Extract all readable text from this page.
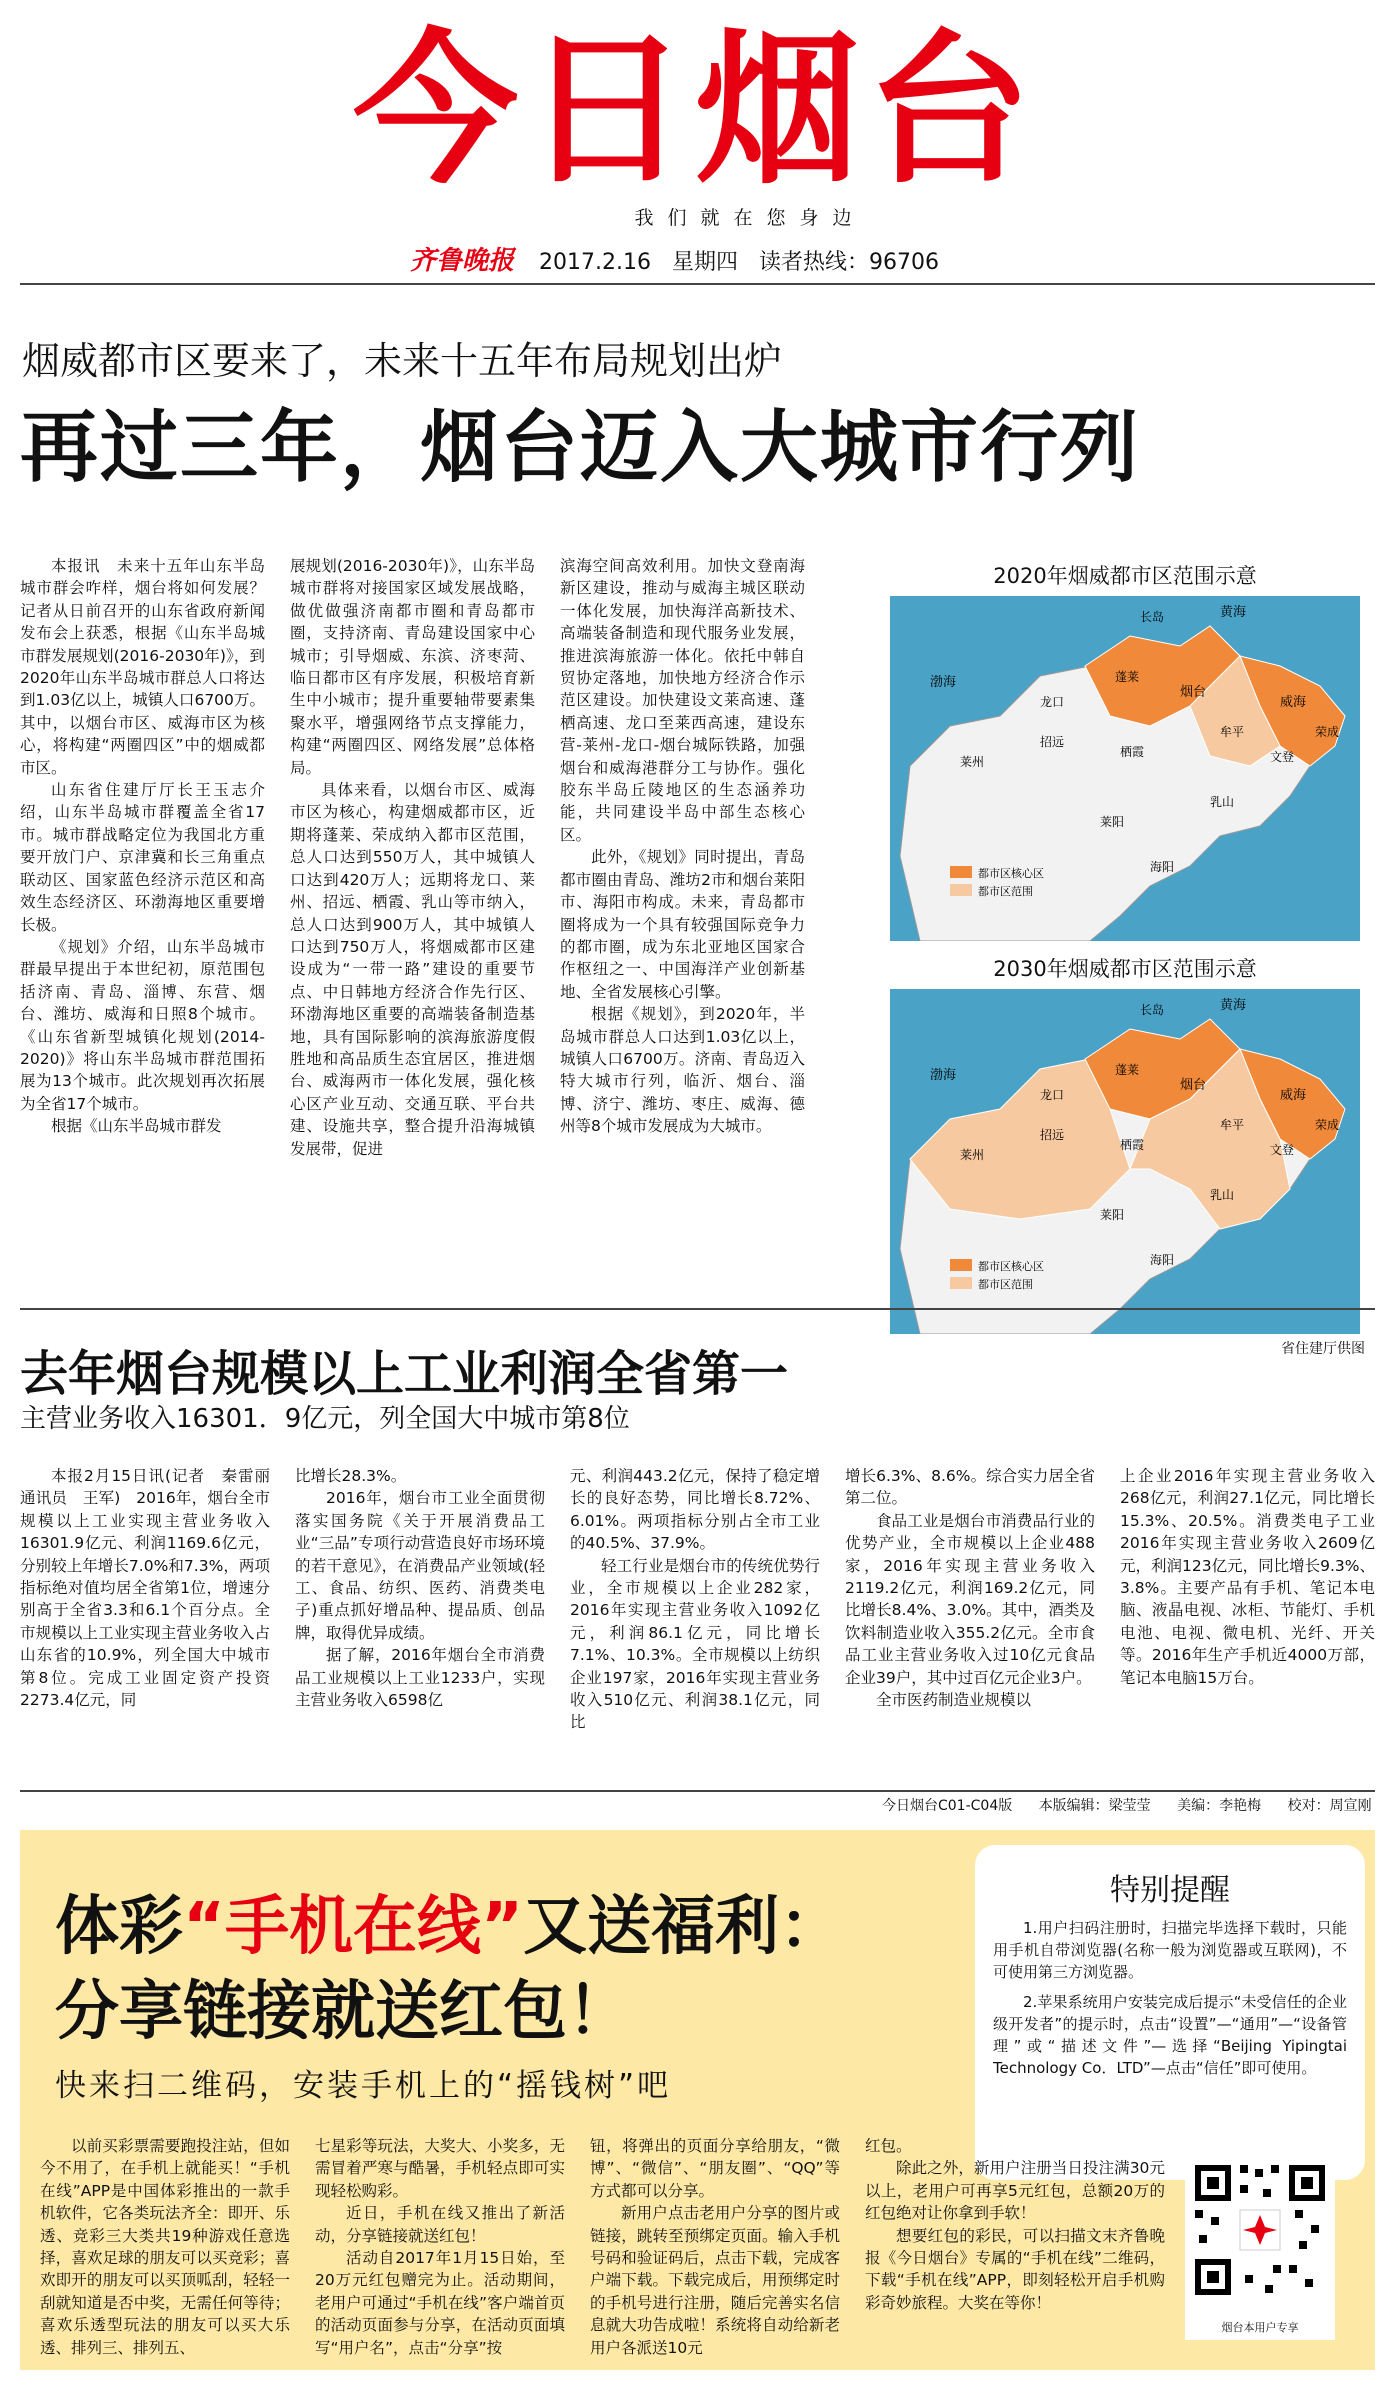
今日烟台
我们就在您身边
齐鲁晚报 2017.2.16 星期四 读者热线：96706
烟威都市区要来了，未来十五年布局规划出炉
再过三年，烟台迈入大城市行列

本报讯　未来十五年山东半岛城市群会咋样，烟台将如何发展？记者从日前召开的山东省政府新闻发布会上获悉，根据《山东半岛城市群发展规划(2016-2030年)》，到2020年山东半岛城市群总人口将达到1.03亿以上，城镇人口6700万。其中，以烟台市区、威海市区为核心，将构建“两圈四区”中的烟威都市区。

山东省住建厅厅长王玉志介绍，山东半岛城市群覆盖全省17市。城市群战略定位为我国北方重要开放门户、京津冀和长三角重点联动区、国家蓝色经济示范区和高效生态经济区、环渤海地区重要增长极。

《规划》介绍，山东半岛城市群最早提出于本世纪初，原范围包括济南、青岛、淄博、东营、烟台、潍坊、威海和日照8个城市。《山东省新型城镇化规划(2014-2020)》将山东半岛城市群范围拓展为13个城市。此次规划再次拓展为全省17个城市。

根据《山东半岛城市群发

展规划(2016-2030年)》，山东半岛城市群将对接国家区域发展战略，做优做强济南都市圈和青岛都市圈，支持济南、青岛建设国家中心城市；引导烟威、东滨、济枣菏、临日都市区有序发展，积极培育新生中小城市；提升重要轴带要素集聚水平，增强网络节点支撑能力，构建“两圈四区、网络发展”总体格局。

具体来看，以烟台市区、威海市区为核心，构建烟威都市区，近期将蓬莱、荣成纳入都市区范围，总人口达到550万人，其中城镇人口达到420万人；远期将龙口、莱州、招远、栖霞、乳山等市纳入，总人口达到900万人，其中城镇人口达到750万人，将烟威都市区建设成为“一带一路”建设的重要节点、中日韩地方经济合作先行区、环渤海地区重要的高端装备制造基地，具有国际影响的滨海旅游度假胜地和高品质生态宜居区，推进烟台、威海两市一体化发展，强化核心区产业互动、交通互联、平台共建、设施共享，整合提升沿海城镇发展带，促进

滨海空间高效利用。加快文登南海新区建设，推动与威海主城区联动一体化发展，加快海洋高新技术、高端装备制造和现代服务业发展，推进滨海旅游一体化。依托中韩自贸协定落地，加快地方经济合作示范区建设。加快建设文莱高速、蓬栖高速、龙口至莱西高速，建设东营-莱州-龙口-烟台城际铁路，加强烟台和威海港群分工与协作。强化胶东半岛丘陵地区的生态涵养功能，共同建设半岛中部生态核心区。

此外，《规划》同时提出，青岛都市圈由青岛、潍坊2市和烟台莱阳市、海阳市构成。未来，青岛都市圈将成为一个具有较强国际竞争力的都市圈，成为东北亚地区国家合作枢纽之一、中国海洋产业创新基地、全省发展核心引擎。

根据《规划》，到2020年，半岛城市群总人口达到1.03亿以上，城镇人口6700万。济南、青岛迈入特大城市行列，临沂、烟台、淄博、济宁、潍坊、枣庄、威海、德州等8个城市发展成为大城市。

2020年烟威都市区范围示意
都市区核心区
都市区范围
黄海
渤海
长岛
龙口
蓬莱
烟台
威海
招远
莱州
栖霞
牟平
文登
荣成
莱阳
乳山
海阳
2030年烟威都市区范围示意
都市区核心区
都市区范围
黄海
渤海
长岛
龙口
蓬莱
烟台
威海
招远
莱州
栖霞
牟平
文登
荣成
莱阳
乳山
海阳
省住建厅供图
去年烟台规模以上工业利润全省第一
主营业务收入16301．9亿元，列全国大中城市第8位

本报2月15日讯(记者　秦雷丽　通讯员　王军)　2016年，烟台全市规模以上工业实现主营业务收入16301.9亿元、利润1169.6亿元，分别较上年增长7.0%和7.3%，两项指标绝对值均居全省第1位，增速分别高于全省3.3和6.1个百分点。全市规模以上工业实现主营业务收入占山东省的10.9%，列全国大中城市第8位。完成工业固定资产投资2273.4亿元，同

比增长28.3%。

2016年，烟台市工业全面贯彻落实国务院《关于开展消费品工业“三品”专项行动营造良好市场环境的若干意见》，在消费品产业领域(轻工、食品、纺织、医药、消费类电子)重点抓好增品种、提品质、创品牌，取得优异成绩。

据了解，2016年烟台全市消费品工业规模以上工业1233户，实现主营业务收入6598亿

元、利润443.2亿元，保持了稳定增长的良好态势，同比增长8.72%、6.01%。两项指标分别占全市工业的40.5%、37.9%。

轻工行业是烟台市的传统优势行业，全市规模以上企业282家，2016年实现主营业务收入1092亿元，利润86.1亿元，同比增长7.1%、10.3%。全市规模以上纺织企业197家，2016年实现主营业务收入510亿元、利润38.1亿元，同比

增长6.3%、8.6%。综合实力居全省第二位。

食品工业是烟台市消费品行业的优势产业，全市规模以上企业488家，2016年实现主营业务收入2119.2亿元，利润169.2亿元，同比增长8.4%、3.0%。其中，酒类及饮料制造业收入355.2亿元。全市食品工业主营业务收入过10亿元食品企业39户，其中过百亿元企业3户。

全市医药制造业规模以

上企业2016年实现主营业务收入268亿元，利润27.1亿元，同比增长15.3%、20.5%。消费类电子工业2016年实现主营业务收入2609亿元，利润123亿元，同比增长9.3%、3.8%。主要产品有手机、笔记本电脑、液晶电视、冰柜、节能灯、手机电池、电视、微电机、光纤、开关等。2016年生产手机近4000万部，笔记本电脑15万台。

今日烟台C01-C04版 本版编辑：梁莹莹 美编：李艳梅 校对：周宣刚
体彩“手机在线”又送福利：
分享链接就送红包！
快来扫二维码，安装手机上的“摇钱树”吧
特别提醒

1.用户扫码注册时，扫描完毕选择下载时，只能用手机自带浏览器(名称一般为浏览器或互联网)，不可使用第三方浏览器。

2.苹果系统用户安装完成后提示“未受信任的企业级开发者”的提示时，点击“设置”—“通用”—“设备管理”或“描述文件”—选择“Beijing Yipingtai Technology Co．LTD”—点击“信任”即可使用。

以前买彩票需要跑投注站，但如今不用了，在手机上就能买！“手机在线”APP是中国体彩推出的一款手机软件，它各类玩法齐全：即开、乐透、竞彩三大类共19种游戏任意选择，喜欢足球的朋友可以买竞彩；喜欢即开的朋友可以买顶呱刮，轻轻一刮就知道是否中奖，无需任何等待；喜欢乐透型玩法的朋友可以买大乐透、排列三、排列五、

七星彩等玩法，大奖大、小奖多，无需冒着严寒与酷暑，手机轻点即可实现轻松购彩。

近日，手机在线又推出了新活动，分享链接就送红包！

活动自2017年1月15日始，至20万元红包赠完为止。活动期间，老用户可通过“手机在线”客户端首页的活动页面参与分享，在活动页面填写“用户名”，点击“分享”按

钮，将弹出的页面分享给朋友，“微博”、“微信”、“朋友圈”、“QQ”等方式都可以分享。

新用户点击老用户分享的图片或链接，跳转至预绑定页面。输入手机号码和验证码后，点击下载，完成客户端下载。下载完成后，用预绑定时的手机号进行注册，随后完善实名信息就大功告成啦！系统将自动给新老用户各派送10元

红包。

除此之外，新用户注册当日投注满30元以上，老用户可再享5元红包，总额20万的红包绝对让你拿到手软！

想要红包的彩民，可以扫描文末齐鲁晚报《今日烟台》专属的“手机在线”二维码，下载“手机在线”APP，即刻轻松开启手机购彩奇妙旅程。大奖在等你！

烟台本用户专享
